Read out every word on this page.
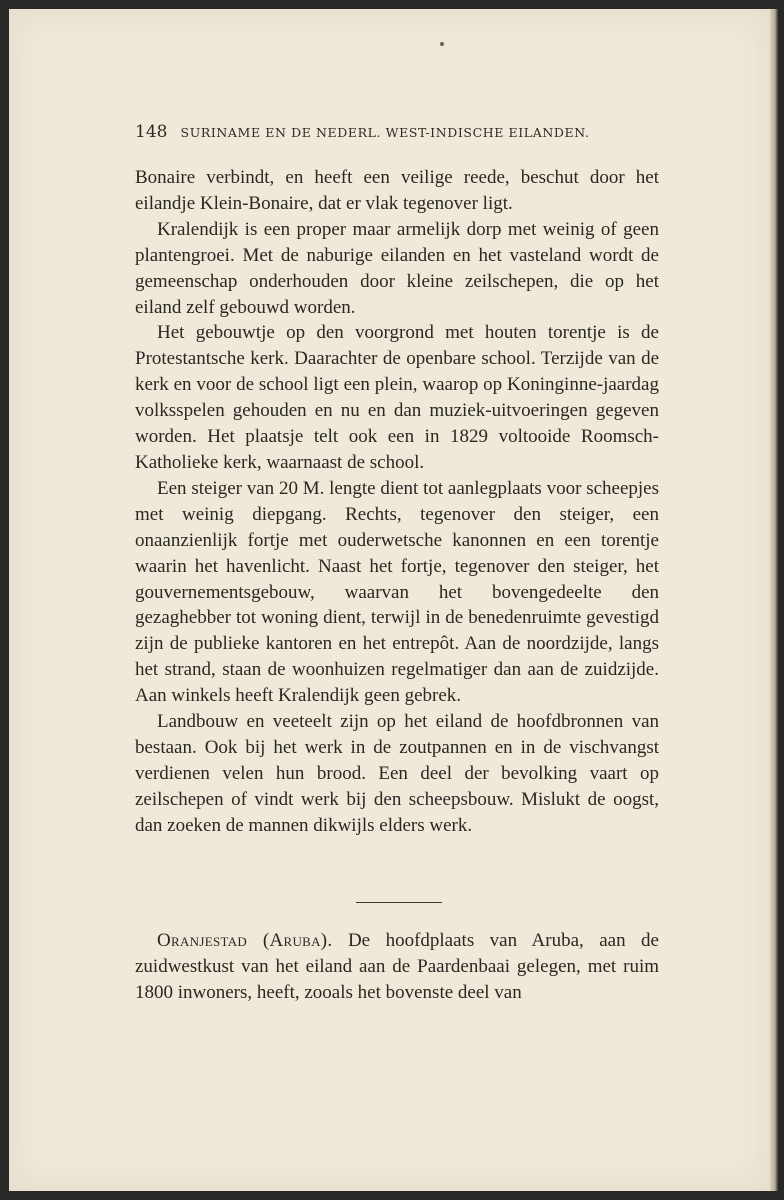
148 SURINAME EN DE NEDERL. WEST-INDISCHE EILANDEN.

Bonaire verbindt, en heeft een veilige reede, beschut door het eilandje Klein-Bonaire, dat er vlak tegenover ligt.

Kralendijk is een proper maar armelijk dorp met weinig of geen plantengroei. Met de naburige eilanden en het vasteland wordt de gemeenschap onderhouden door kleine zeilschepen, die op het eiland zelf gebouwd worden.

Het gebouwtje op den voorgrond met houten torentje is de Protestantsche kerk. Daarachter de openbare school. Terzijde van de kerk en voor de school ligt een plein, waarop op Koninginne-jaardag volksspelen gehouden en nu en dan muziek-uitvoeringen gegeven worden. Het plaatsje telt ook een in 1829 voltooide Roomsch-Katholieke kerk, waarnaast de school.

Een steiger van 20 M. lengte dient tot aanlegplaats voor scheepjes met weinig diepgang. Rechts, tegenover den steiger, een onaanzienlijk fortje met ouderwetsche kanonnen en een torentje waarin het havenlicht. Naast het fortje, tegenover den steiger, het gouvernementsgebouw, waarvan het bovengedeelte den gezaghebber tot woning dient, terwijl in de benedenruimte gevestigd zijn de publieke kantoren en het entrepôt. Aan de noordzijde, langs het strand, staan de woonhuizen regelmatiger dan aan de zuidzijde. Aan winkels heeft Kralendijk geen gebrek.

Landbouw en veeteelt zijn op het eiland de hoofdbronnen van bestaan. Ook bij het werk in de zoutpannen en in de vischvangst verdienen velen hun brood. Een deel der bevolking vaart op zeilschepen of vindt werk bij den scheepsbouw. Mislukt de oogst, dan zoeken de mannen dikwijls elders werk.

Oranjestad (Aruba). De hoofdplaats van Aruba, aan de zuidwestkust van het eiland aan de Paardenbaai gelegen, met ruim 1800 inwoners, heeft, zooals het bovenste deel van
